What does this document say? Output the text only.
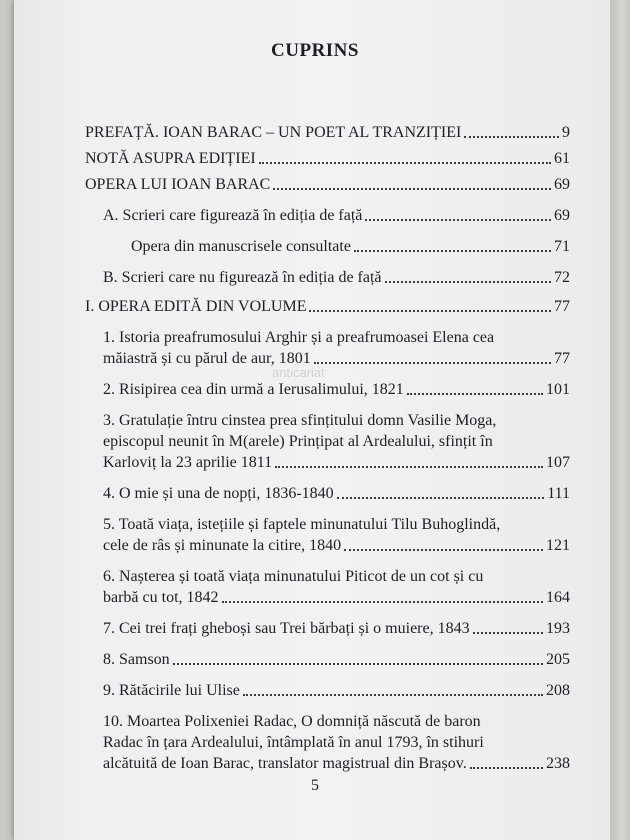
CUPRINS
anticariat
PREFAȚĂ. IOAN BARAC – UN POET AL TRANZIȚIEI	9
NOTĂ ASUPRA EDIȚIEI	61
OPERA LUI IOAN BARAC	69
A. Scrieri care figurează în ediția de față	69
Opera din manuscrisele consultate	71
B. Scrieri care nu figurează în ediția de față	72
I. OPERA EDITĂ DIN VOLUME	77
1. Istoria preafrumosului Arghir și a preafrumoasei Elena cea
măiastră și cu părul de aur, 1801	77
2. Risipirea cea din urmă a Ierusalimului, 1821	101
3. Gratulație întru cinstea prea sfințitului domn Vasilie Moga,
episcopul neunit în M(arele) Prințipat al Ardealului, sfințit în
Karloviț la 23 aprilie 1811	107
4. O mie și una de nopți, 1836-1840	111
5. Toată viața, istețiile și faptele minunatului Tilu Buhoglindă,
cele de râs și minunate la citire, 1840	121
6. Nașterea și toată viața minunatului Piticot de un cot și cu
barbă cu tot, 1842	164
7. Cei trei frați gheboși sau Trei bărbați și o muiere, 1843	193
8. Samson	205
9. Rătăcirile lui Ulise	208
10. Moartea Polixeniei Radac, O domniță născută de baron
Radac în țara Ardealului, întâmplată în anul 1793, în stihuri
alcătuită de Ioan Barac, translator magistrual din Brașov.	238
5
